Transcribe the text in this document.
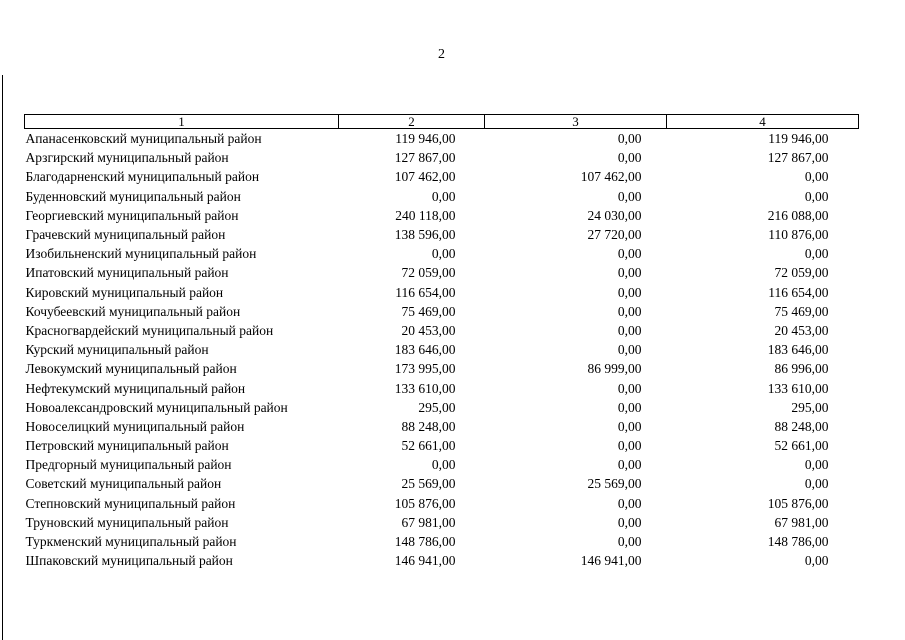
2
1	2	3	4
Апанасенковский муниципальный район	119 946,00	0,00	119 946,00
Арзгирский муниципальный район	127 867,00	0,00	127 867,00
Благодарненский муниципальный район	107 462,00	107 462,00	0,00
Буденновский муниципальный район	0,00	0,00	0,00
Георгиевский муниципальный район	240 118,00	24 030,00	216 088,00
Грачевский муниципальный район	138 596,00	27 720,00	110 876,00
Изобильненский муниципальный район	0,00	0,00	0,00
Ипатовский муниципальный район	72 059,00	0,00	72 059,00
Кировский муниципальный район	116 654,00	0,00	116 654,00
Кочубеевский муниципальный район	75 469,00	0,00	75 469,00
Красногвардейский муниципальный район	20 453,00	0,00	20 453,00
Курский муниципальный район	183 646,00	0,00	183 646,00
Левокумский муниципальный район	173 995,00	86 999,00	86 996,00
Нефтекумский муниципальный район	133 610,00	0,00	133 610,00
Новоалександровский муниципальный район	295,00	0,00	295,00
Новоселицкий муниципальный район	88 248,00	0,00	88 248,00
Петровский муниципальный район	52 661,00	0,00	52 661,00
Предгорный муниципальный район	0,00	0,00	0,00
Советский муниципальный район	25 569,00	25 569,00	0,00
Степновский муниципальный район	105 876,00	0,00	105 876,00
Труновский муниципальный район	67 981,00	0,00	67 981,00
Туркменский муниципальный район	148 786,00	0,00	148 786,00
Шпаковский муниципальный район	146 941,00	146 941,00	0,00
